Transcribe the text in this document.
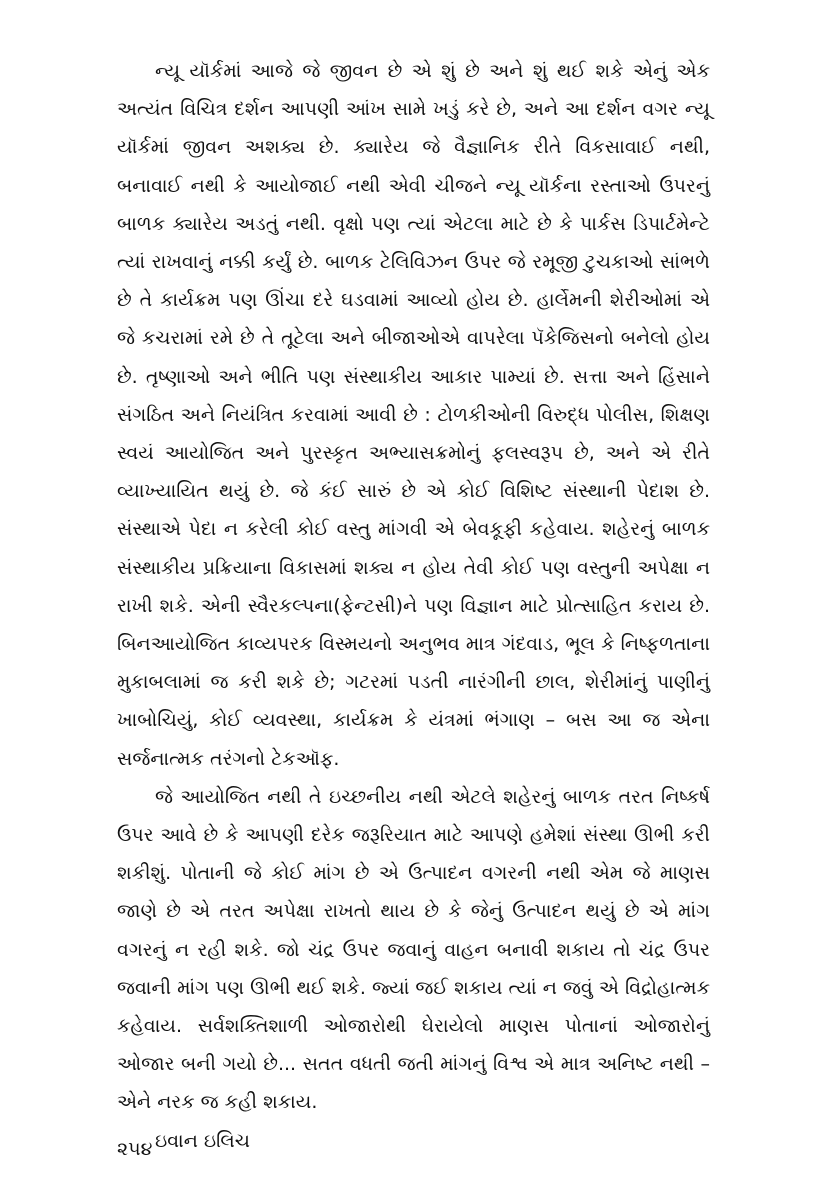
ન્યૂ યૉર્કમાં આજે જે જીવન છે એ શું છે અને શું થઈ શકે એનું એક અત્યંત વિચિત્ર દર્શન આપણી આંખ સામે ખડું કરે છે, અને આ દર્શન વગર ન્યૂ યૉર્કમાં જીવન અશક્ય છે. ક્યારેય જે વૈજ્ઞાનિક રીતે વિકસાવાઈ નથી, બનાવાઈ નથી કે આયોજાઈ નથી એવી ચીજને ન્યૂ યૉર્કના રસ્તાઓ ઉપરનું બાળક ક્યારેય અડતું નથી. વૃક્ષો પણ ત્યાં એટલા માટે છે કે પાર્કસ ડિપાર્ટમેન્ટે ત્યાં રાખવાનું નક્કી કર્યું છે. બાળક ટેલિવિઝન ઉપર જે રમૂજી ટુચકાઓ સાંભળે છે તે કાર્યક્રમ પણ ઊંચા દરે ઘડવામાં આવ્યો હોય છે. હાર્લેમની શેરીઓમાં એ જે કચરામાં રમે છે તે તૂટેલા અને બીજાઓએ વાપરેલા પૅકેજિસનો બનેલો હોય છે. તૃષ્ણાઓ અને ભીતિ પણ સંસ્થાકીય આકાર પામ્યાં છે. સત્તા અને હિંસાને સંગઠિત અને નિયંત્રિત કરવામાં આવી છે : ટોળકીઓની વિરુદ્ધ પોલીસ, શિક્ષણ સ્વયં આયોજિત અને પુરસ્કૃત અભ્યાસક્રમોનું ફલસ્વરૂપ છે, અને એ રીતે વ્યાખ્યાયિત થયું છે. જે કંઈ સારું છે એ કોઈ વિશિષ્ટ સંસ્થાની પેદાશ છે. સંસ્થાએ પેદા ન કરેલી કોઈ વસ્તુ માંગવી એ બેવકૂફી કહેવાય. શહેરનું બાળક સંસ્થાકીય પ્રક્રિયાના વિકાસમાં શક્ય ન હોય તેવી કોઈ પણ વસ્તુની અપેક્ષા ન રાખી શકે. એની સ્વૈરકલ્પના(ફેન્ટસી)ને પણ વિજ્ઞાન માટે પ્રોત્સાહિત કરાય છે. બિનઆયોજિત કાવ્યપરક વિસ્મયનો અનુભવ માત્ર ગંદવાડ, ભૂલ કે નિષ્ફળતાના મુકાબલામાં જ કરી શકે છે; ગટરમાં પડતી નારંગીની છાલ, શેરીમાંનું પાણીનું ખાબોચિયું, કોઈ વ્યવસ્થા, કાર્યક્રમ કે યંત્રમાં ભંગાણ – બસ આ જ એના સર્જનાત્મક તરંગનો ટેકઑફ.

જે આયોજિત નથી તે ઇચ્છનીય નથી એટલે શહેરનું બાળક તરત નિષ્કર્ષ ઉપર આવે છે કે આપણી દરેક જરૂરિયાત માટે આપણે હમેશાં સંસ્થા ઊભી કરી શકીશું. પોતાની જે કોઈ માંગ છે એ ઉત્પાદન વગરની નથી એમ જે માણસ જાણે છે એ તરત અપેક્ષા રાખતો થાય છે કે જેનું ઉત્પાદન થયું છે એ માંગ વગરનું ન રહી શકે. જો ચંદ્ર ઉપર જવાનું વાહન બનાવી શકાય તો ચંદ્ર ઉપર જવાની માંગ પણ ઊભી થઈ શકે. જ્યાં જઈ શકાય ત્યાં ન જવું એ વિદ્રોહાત્મક કહેવાય. સર્વશક્તિશાળી ઓજારોથી ઘેરાયેલો માણસ પોતાનાં ઓજારોનું ઓજાર બની ગયો છે... સતત વધતી જતી માંગનું વિશ્વ એ માત્ર અનિષ્ટ નથી – એને નરક જ કહી શકાય.

ઇવાન ઇલિચ

૨૫૪
